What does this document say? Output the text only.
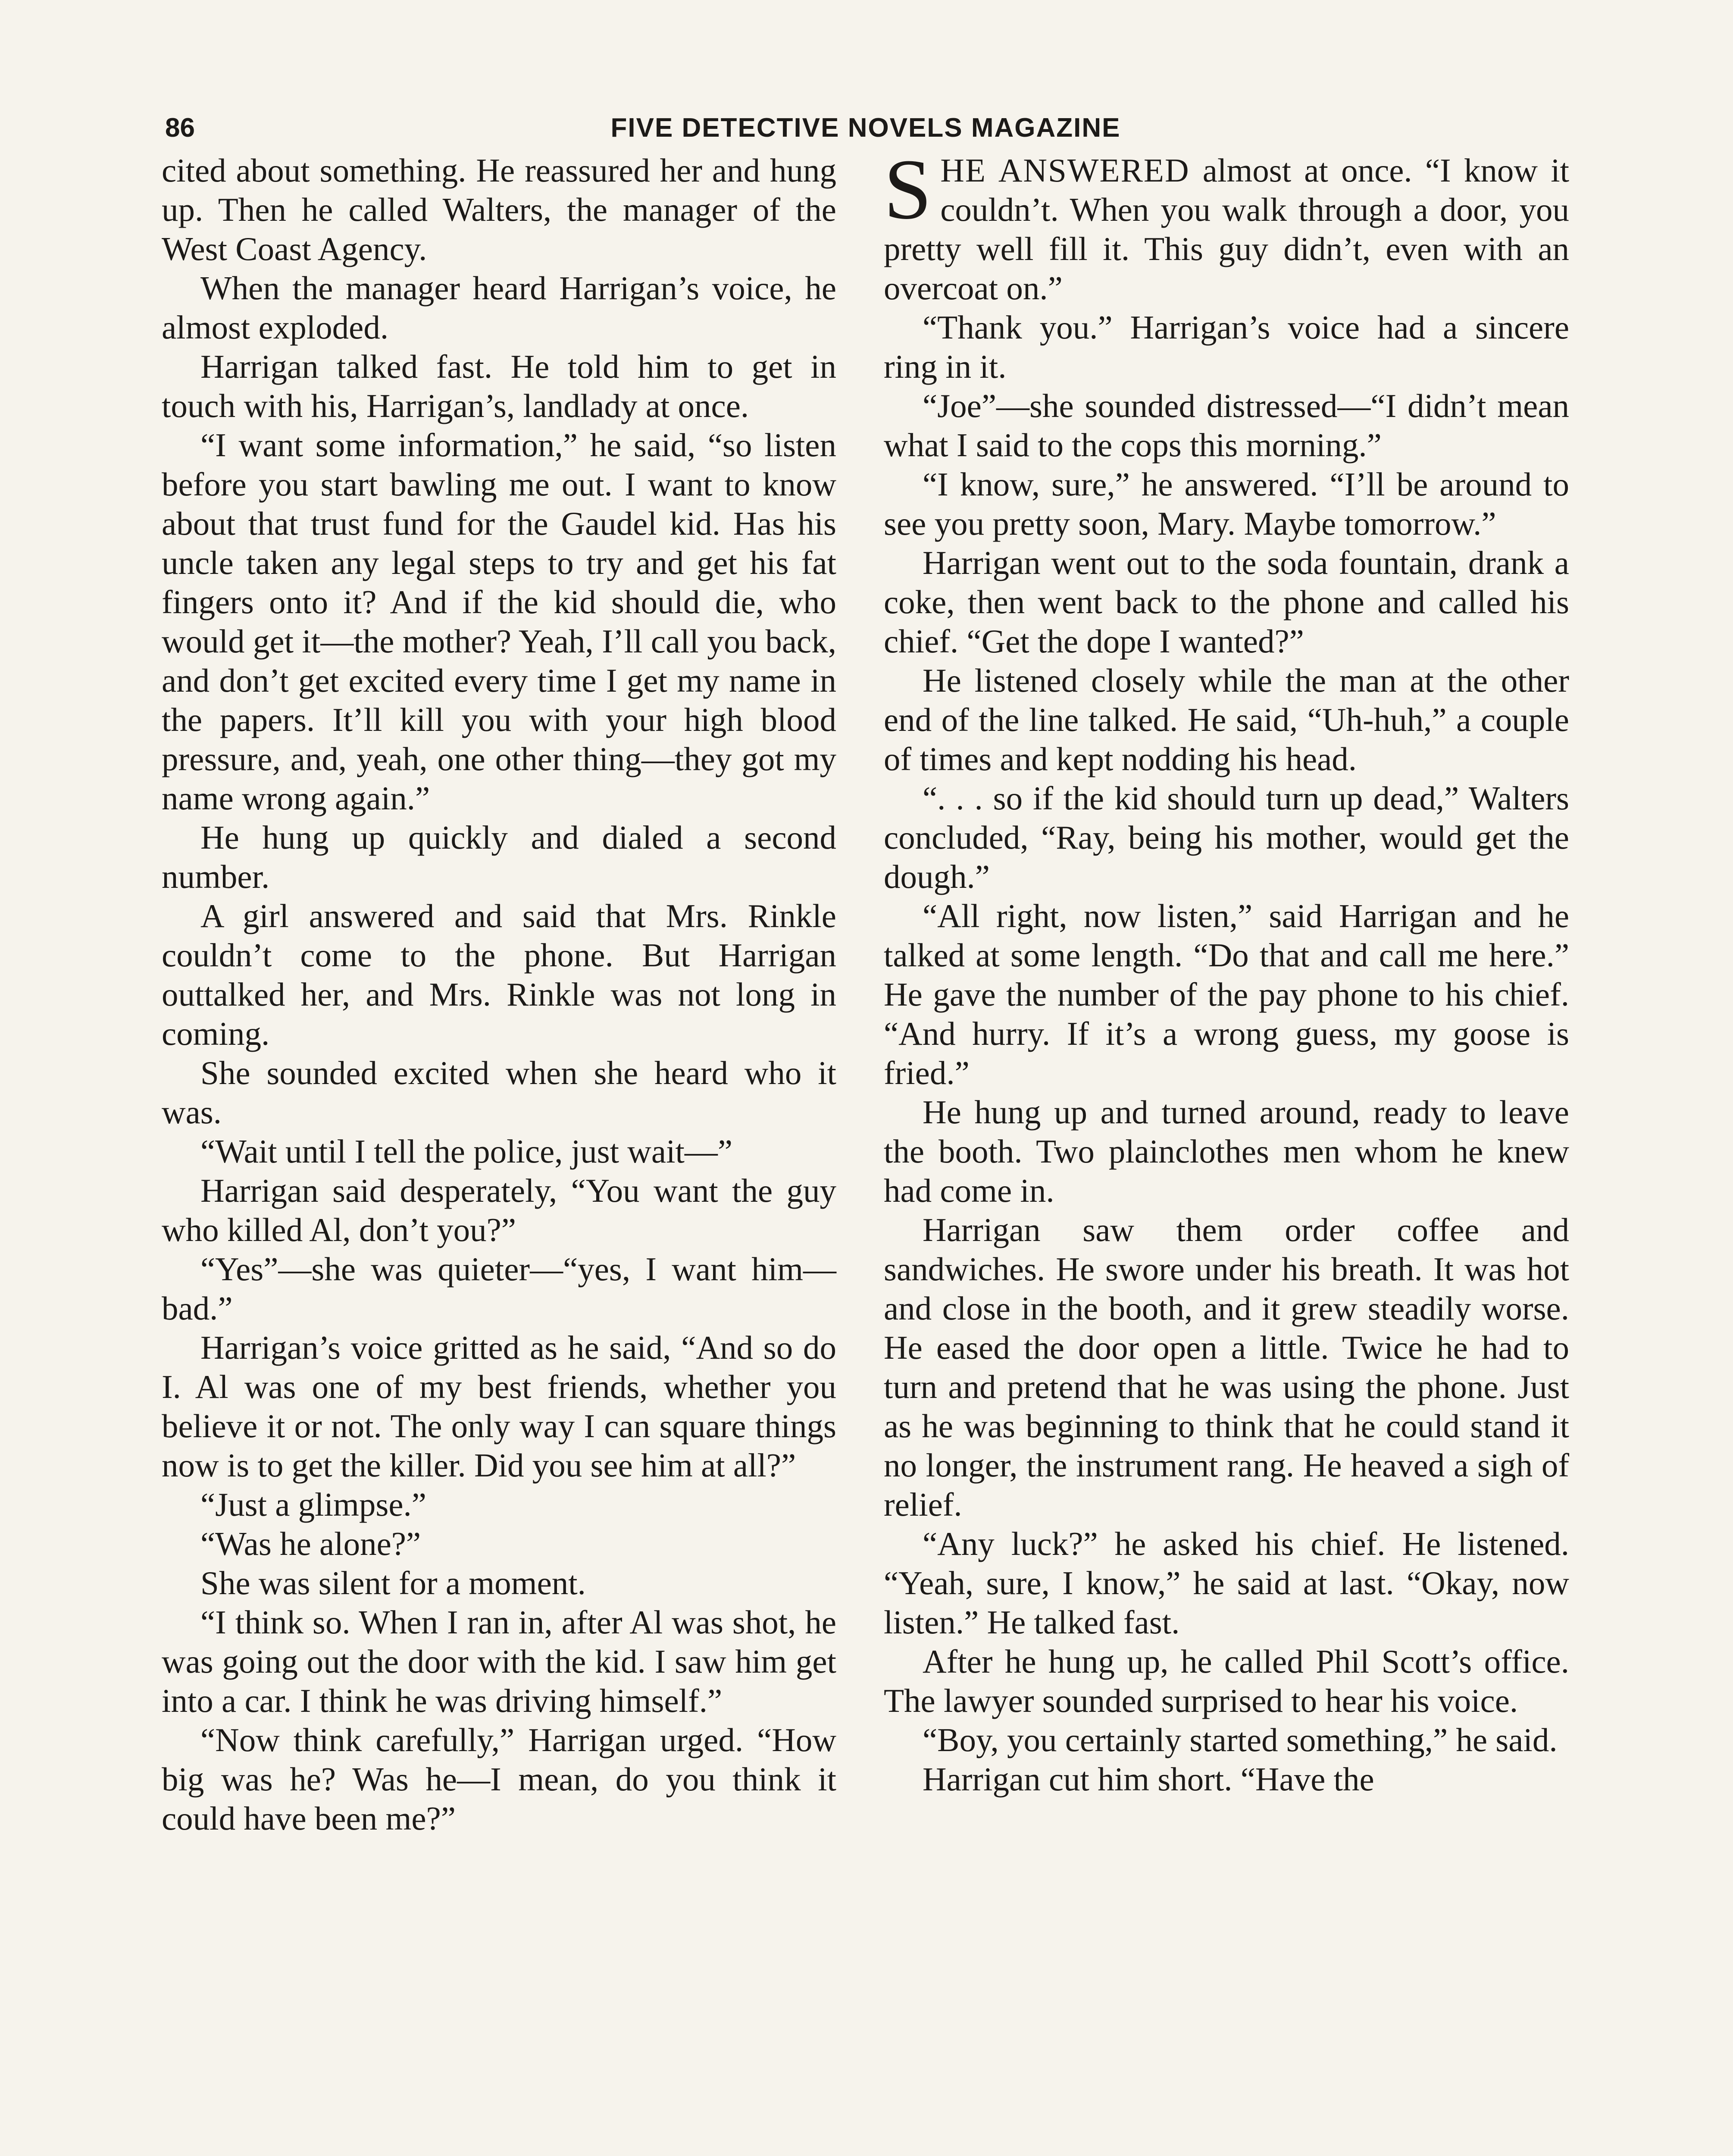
86	FIVE DETECTIVE NOVELS MAGAZINE

cited about something. He reassured her and hung up. Then he called Walters, the manager of the West Coast Agency.

When the manager heard Harrigan’s voice, he almost exploded.

Harrigan talked fast. He told him to get in touch with his, Harrigan’s, landlady at once.

“I want some information,” he said, “so listen before you start bawling me out. I want to know about that trust fund for the Gaudel kid. Has his uncle taken any legal steps to try and get his fat fingers onto it? And if the kid should die, who would get it—the mother? Yeah, I’ll call you back, and don’t get excited every time I get my name in the papers. It’ll kill you with your high blood pressure, and, yeah, one other thing—they got my name wrong again.”

He hung up quickly and dialed a second number.

A girl answered and said that Mrs. Rinkle couldn’t come to the phone. But Harrigan outtalked her, and Mrs. Rinkle was not long in coming.

She sounded excited when she heard who it was.

“Wait until I tell the police, just wait—”

Harrigan said desperately, “You want the guy who killed Al, don’t you?”

“Yes”—she was quieter—“yes, I want him—bad.”

Harrigan’s voice gritted as he said, “And so do I. Al was one of my best friends, whether you believe it or not. The only way I can square things now is to get the killer. Did you see him at all?”

“Just a glimpse.”

“Was he alone?”

She was silent for a moment.

“I think so. When I ran in, after Al was shot, he was going out the door with the kid. I saw him get into a car. I think he was driving himself.”

“Now think carefully,” Harrigan urged. “How big was he? Was he—I mean, do you think it could have been me?”

SHE ANSWERED almost at once. “I know it couldn’t. When you walk through a door, you pretty well fill it. This guy didn’t, even with an overcoat on.”

“Thank you.” Harrigan’s voice had a sincere ring in it.

“Joe”—she sounded distressed—“I didn’t mean what I said to the cops this morning.”

“I know, sure,” he answered. “I’ll be around to see you pretty soon, Mary. Maybe tomorrow.”

Harrigan went out to the soda fountain, drank a coke, then went back to the phone and called his chief. “Get the dope I wanted?”

He listened closely while the man at the other end of the line talked. He said, “Uh-huh,” a couple of times and kept nodding his head.

“. . . so if the kid should turn up dead,” Walters concluded, “Ray, being his mother, would get the dough.”

“All right, now listen,” said Harrigan and he talked at some length. “Do that and call me here.” He gave the number of the pay phone to his chief. “And hurry. If it’s a wrong guess, my goose is fried.”

He hung up and turned around, ready to leave the booth. Two plainclothes men whom he knew had come in.

Harrigan saw them order coffee and sandwiches. He swore under his breath. It was hot and close in the booth, and it grew steadily worse. He eased the door open a little. Twice he had to turn and pretend that he was using the phone. Just as he was beginning to think that he could stand it no longer, the instrument rang. He heaved a sigh of relief.

“Any luck?” he asked his chief. He listened. “Yeah, sure, I know,” he said at last. “Okay, now listen.” He talked fast.

After he hung up, he called Phil Scott’s office. The lawyer sounded surprised to hear his voice.

“Boy, you certainly started something,” he said.

Harrigan cut him short. “Have the
